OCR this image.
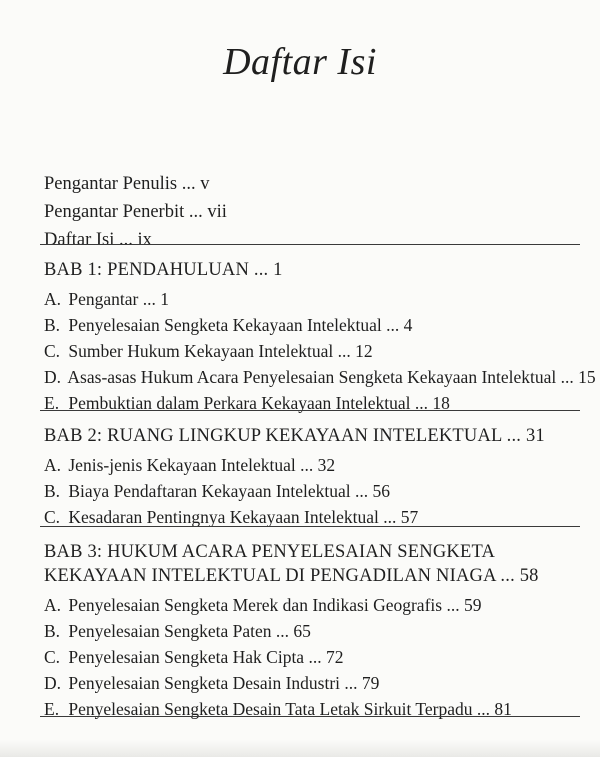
Daftar Isi
Pengantar Penulis ... v
Pengantar Penerbit ... vii
Daftar Isi ... ix
BAB 1: PENDAHULUAN ... 1
A. Pengantar ... 1
B. Penyelesaian Sengketa Kekayaan Intelektual ... 4
C. Sumber Hukum Kekayaan Intelektual ... 12
D. Asas-asas Hukum Acara Penyelesaian Sengketa Kekayaan Intelektual ... 15
E. Pembuktian dalam Perkara Kekayaan Intelektual ... 18
BAB 2: RUANG LINGKUP KEKAYAAN INTELEKTUAL ... 31
A. Jenis-jenis Kekayaan Intelektual ... 32
B. Biaya Pendaftaran Kekayaan Intelektual ... 56
C. Kesadaran Pentingnya Kekayaan Intelektual ... 57
BAB 3: HUKUM ACARA PENYELESAIAN SENGKETA KEKAYAAN INTELEKTUAL DI PENGADILAN NIAGA ... 58
A. Penyelesaian Sengketa Merek dan Indikasi Geografis ... 59
B. Penyelesaian Sengketa Paten ... 65
C. Penyelesaian Sengketa Hak Cipta ... 72
D. Penyelesaian Sengketa Desain Industri ... 79
E. Penyelesaian Sengketa Desain Tata Letak Sirkuit Terpadu ... 81
